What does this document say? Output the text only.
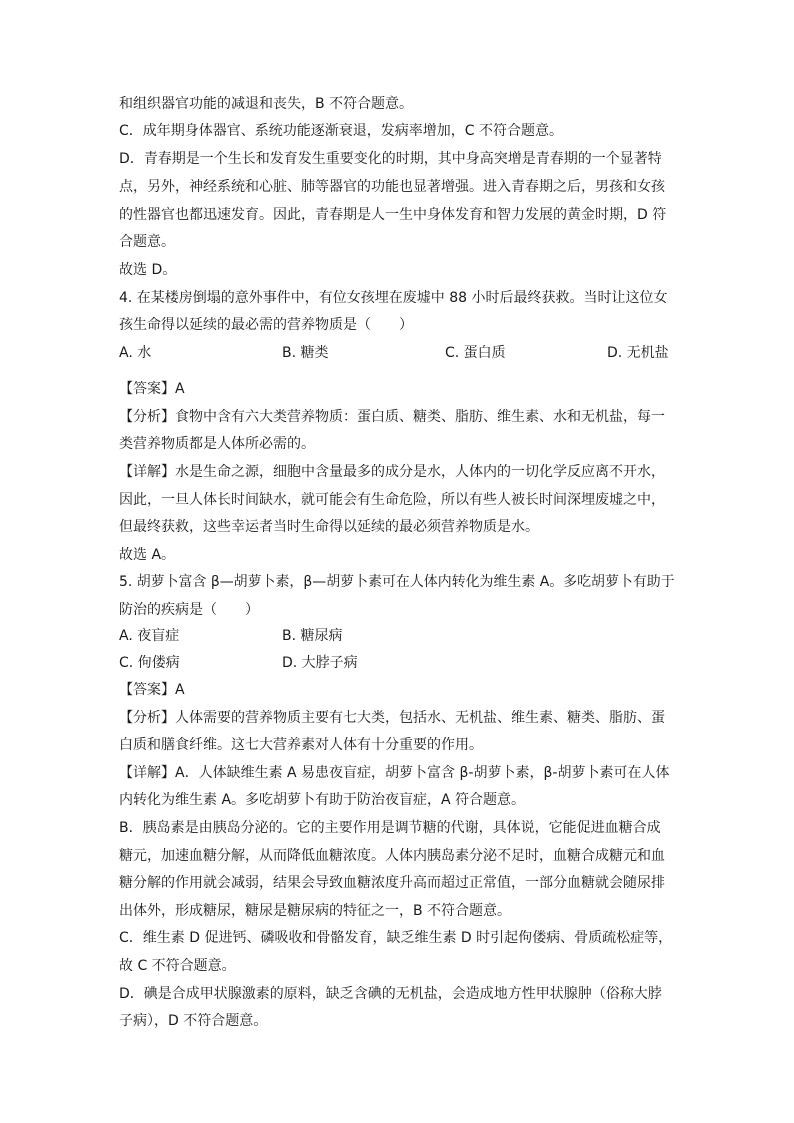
和组织器官功能的减退和丧失，B 不符合题意。
C．成年期身体器官、系统功能逐渐衰退，发病率增加，C 不符合题意。
D．青春期是一个生长和发育发生重要变化的时期，其中身高突增是青春期的一个显著特
点，另外，神经系统和心脏、肺等器官的功能也显著增强。进入青春期之后，男孩和女孩
的性器官也都迅速发育。因此，青春期是人一生中身体发育和智力发展的黄金时期，D 符
合题意。
故选 D。
4. 在某楼房倒塌的意外事件中，有位女孩埋在废墟中 88 小时后最终获救。当时让这位女
孩生命得以延续的最必需的营养物质是（　　）
A. 水	B. 糖类	C. 蛋白质	D. 无机盐
【答案】A
【分析】食物中含有六大类营养物质：蛋白质、糖类、脂肪、维生素、水和无机盐，每一
类营养物质都是人体所必需的。
【详解】水是生命之源，细胞中含量最多的成分是水，人体内的一切化学反应离不开水，
因此，一旦人体长时间缺水，就可能会有生命危险，所以有些人被长时间深埋废墟之中，
但最终获救，这些幸运者当时生命得以延续的最必须营养物质是水。
故选 A。
5. 胡萝卜富含 β—胡萝卜素，β—胡萝卜素可在人体内转化为维生素 A。多吃胡萝卜有助于
防治的疾病是（　　）
A. 夜盲症	B. 糖尿病
C. 佝偻病	D. 大脖子病
【答案】A
【分析】人体需要的营养物质主要有七大类，包括水、无机盐、维生素、糖类、脂肪、蛋
白质和膳食纤维。这七大营养素对人体有十分重要的作用。
【详解】A．人体缺维生素 A 易患夜盲症，胡萝卜富含 β-胡萝卜素，β-胡萝卜素可在人体
内转化为维生素 A。多吃胡萝卜有助于防治夜盲症，A 符合题意。
B．胰岛素是由胰岛分泌的。它的主要作用是调节糖的代谢，具体说，它能促进血糖合成
糖元，加速血糖分解，从而降低血糖浓度。人体内胰岛素分泌不足时，血糖合成糖元和血
糖分解的作用就会减弱，结果会导致血糖浓度升高而超过正常值，一部分血糖就会随尿排
出体外，形成糖尿，糖尿是糖尿病的特征之一，B 不符合题意。
C．维生素 D 促进钙、磷吸收和骨骼发育，缺乏维生素 D 时引起佝偻病、骨质疏松症等，
故 C 不符合题意。
D．碘是合成甲状腺激素的原料，缺乏含碘的无机盐，会造成地方性甲状腺肿（俗称大脖
子病），D 不符合题意。
